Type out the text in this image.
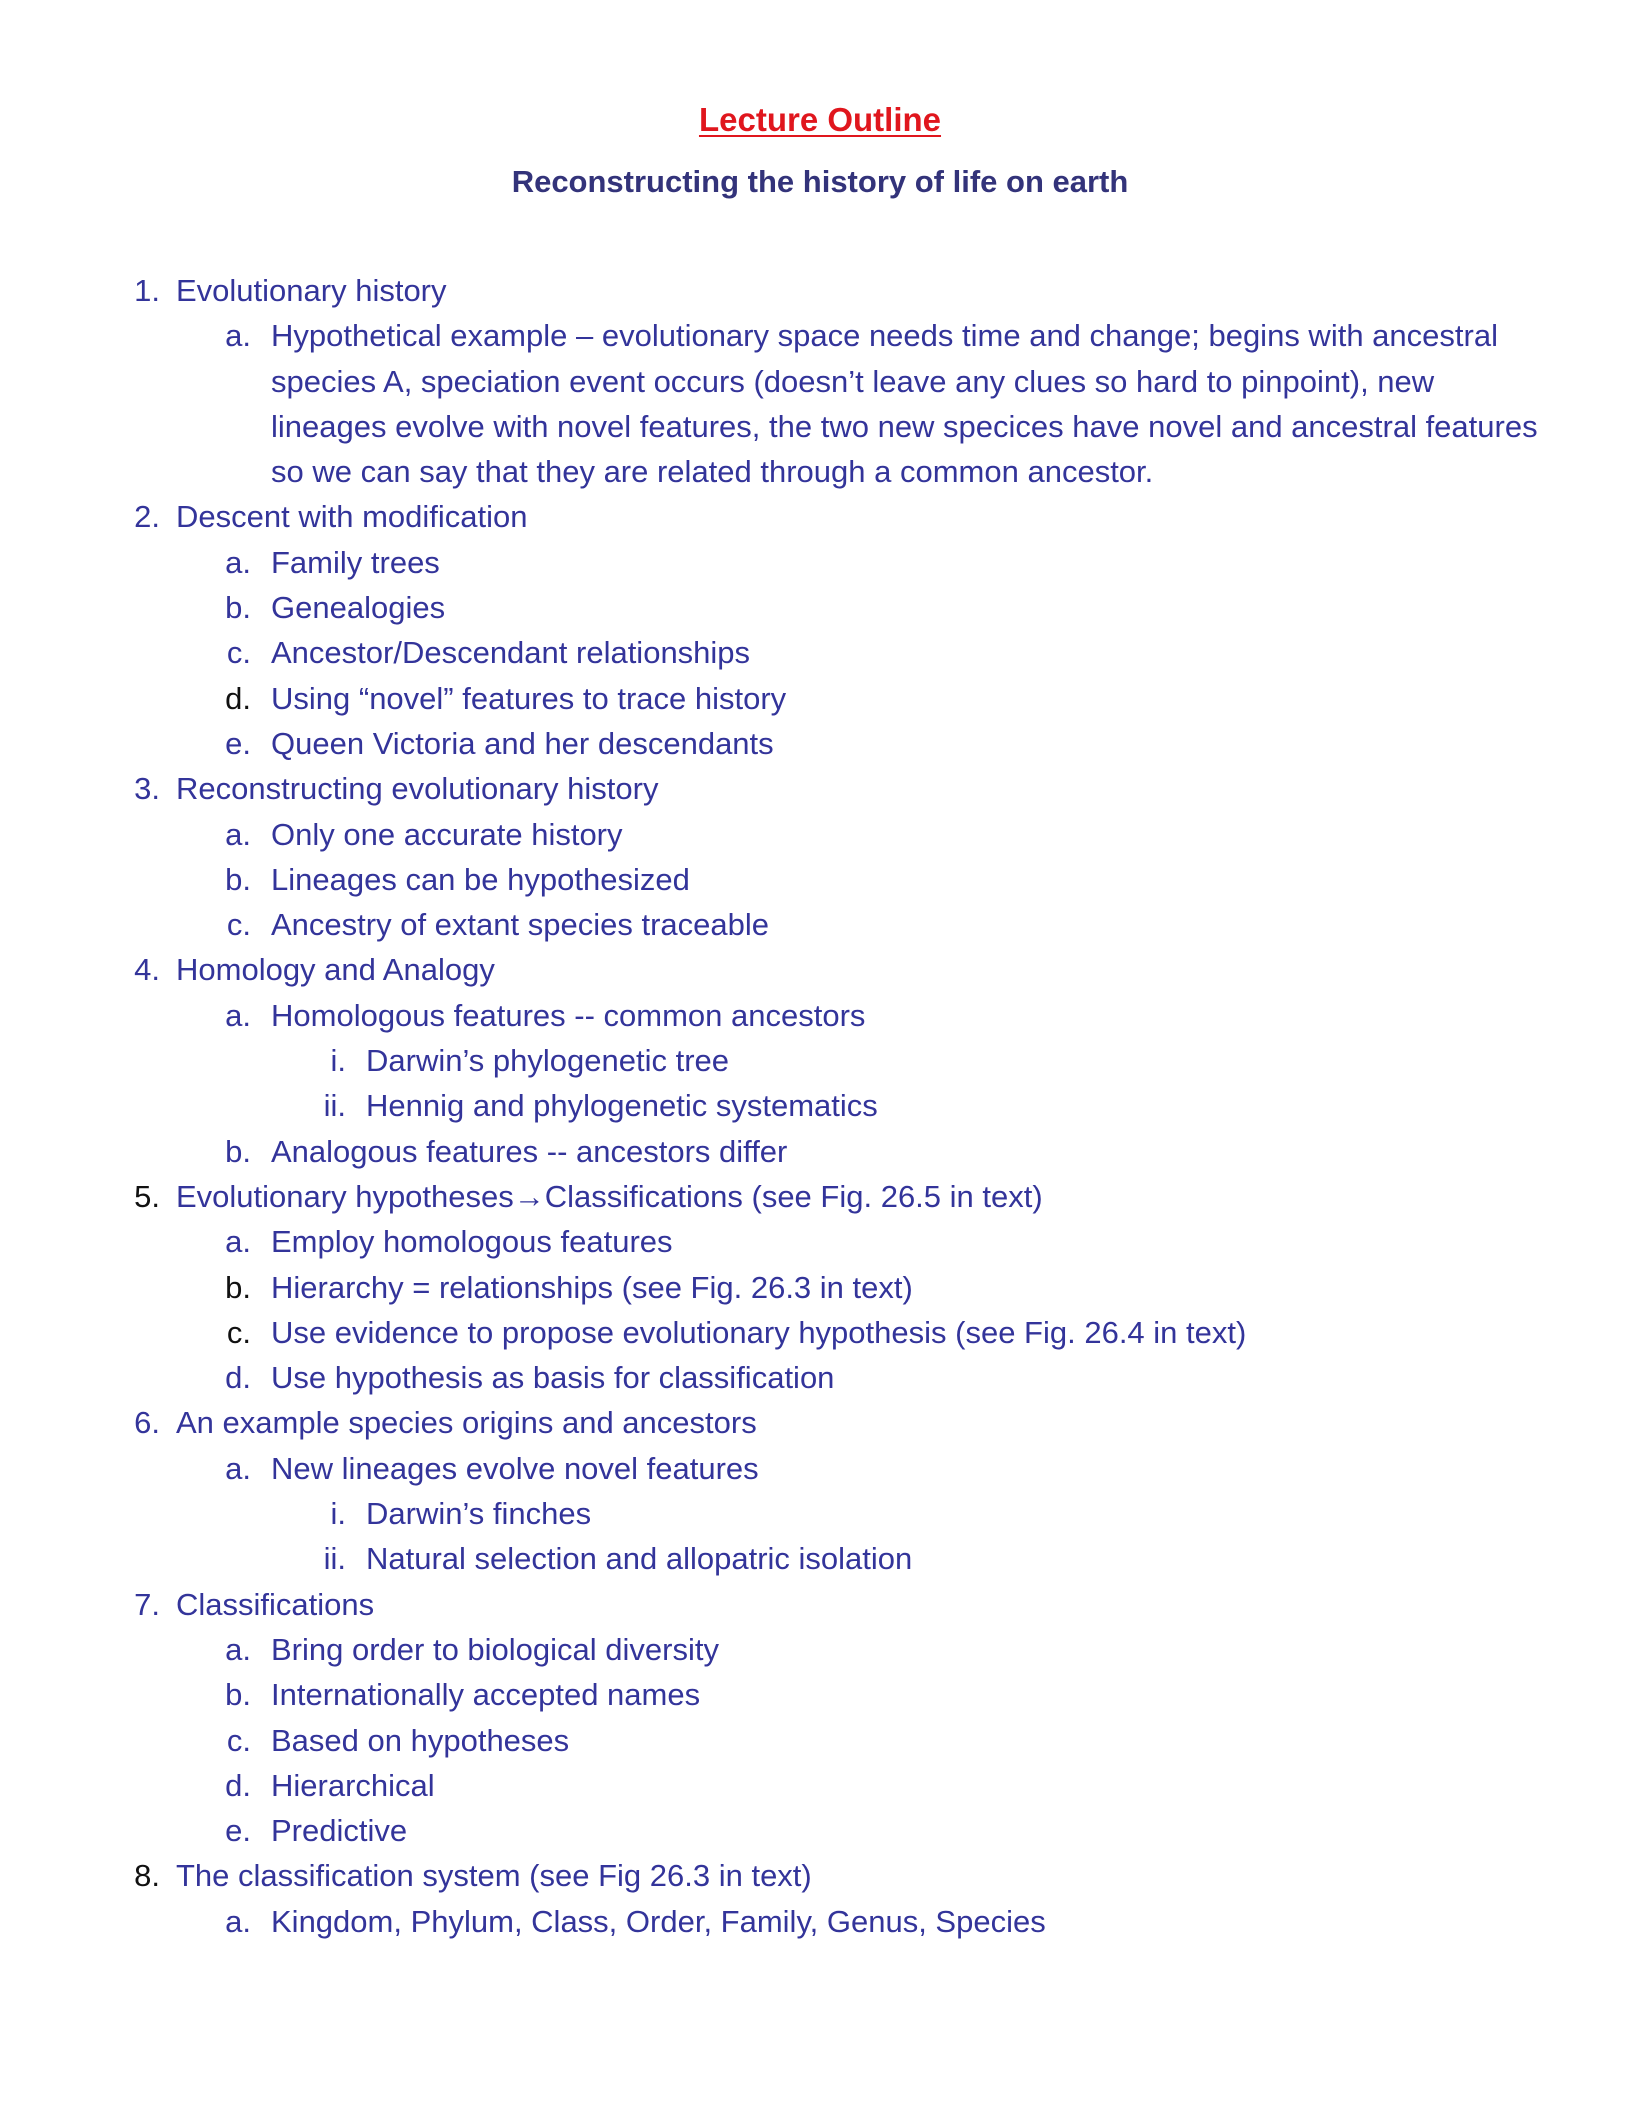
Lecture Outline
Reconstructing the history of life on earth
1. Evolutionary history
a. Hypothetical example – evolutionary space needs time and change; begins with ancestral species A, speciation event occurs (doesn’t leave any clues so hard to pinpoint), new lineages evolve with novel features, the two new specices have novel and ancestral features so we can say that they are related through a common ancestor.
2. Descent with modification
a. Family trees
b. Genealogies
c. Ancestor/Descendant relationships
d. Using “novel” features to trace history
e. Queen Victoria and her descendants
3. Reconstructing evolutionary history
a. Only one accurate history
b. Lineages can be hypothesized
c. Ancestry of extant species traceable
4. Homology and Analogy
a. Homologous features -- common ancestors
i. Darwin’s phylogenetic tree
ii. Hennig and phylogenetic systematics
b. Analogous features -- ancestors differ
5. Evolutionary hypotheses→Classifications (see Fig. 26.5 in text)
a. Employ homologous features
b. Hierarchy = relationships (see Fig. 26.3 in text)
c. Use evidence to propose evolutionary hypothesis (see Fig. 26.4 in text)
d. Use hypothesis as basis for classification
6. An example species origins and ancestors
a. New lineages evolve novel features
i. Darwin’s finches
ii. Natural selection and allopatric isolation
7. Classifications
a. Bring order to biological diversity
b. Internationally accepted names
c. Based on hypotheses
d. Hierarchical
e. Predictive
8. The classification system (see Fig 26.3 in text)
a. Kingdom, Phylum, Class, Order, Family, Genus, Species
